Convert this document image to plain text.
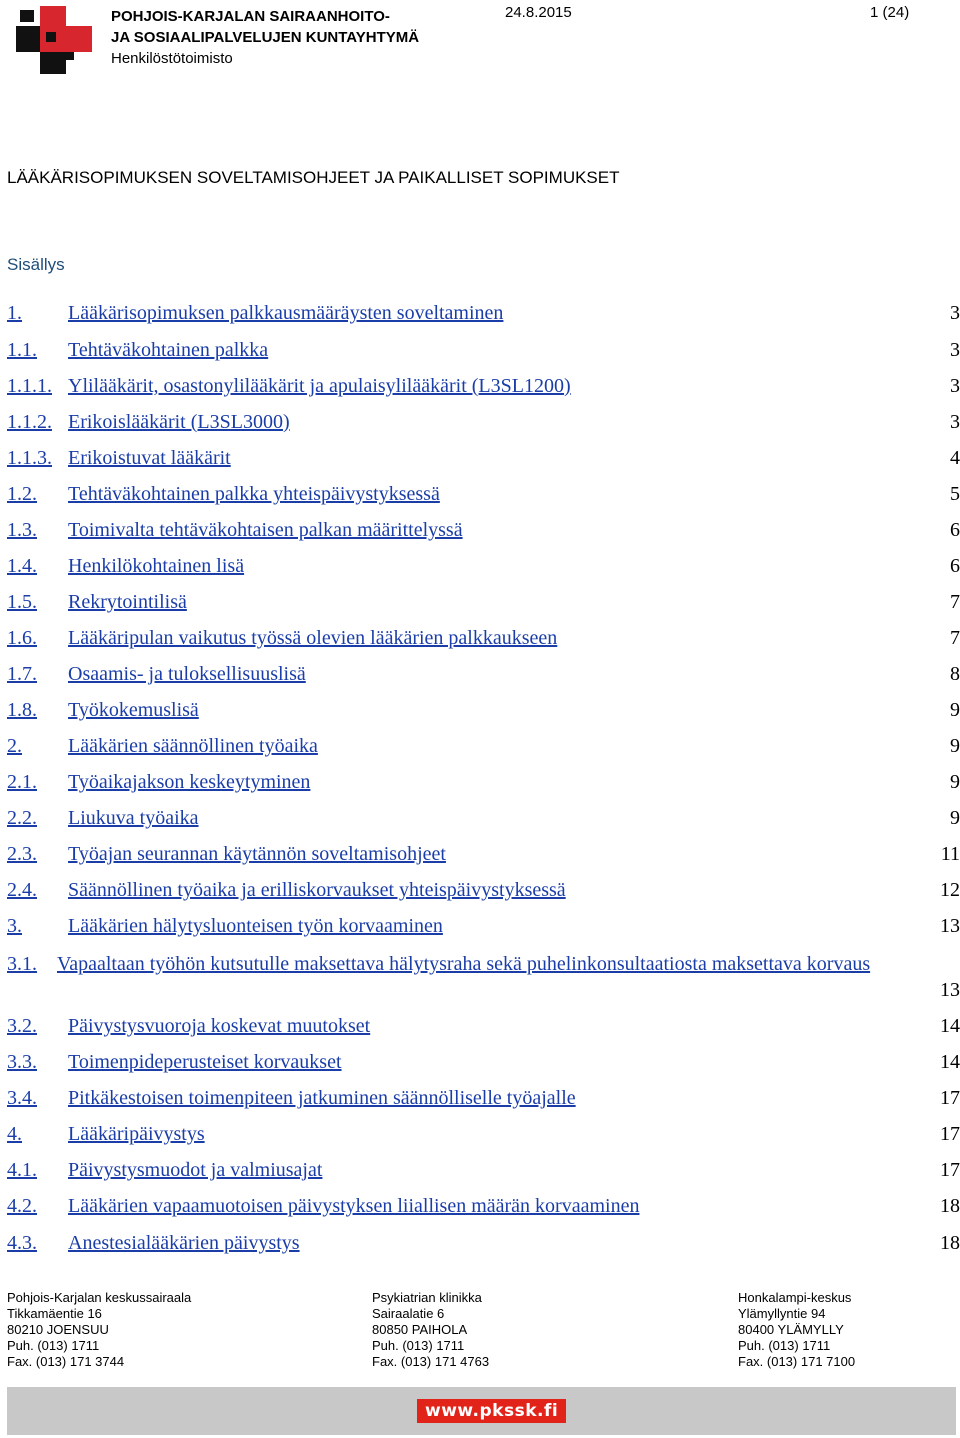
POHJOIS-KARJALAN SAIRAANHOITO-
JA SOSIAALIPALVELUJEN KUNTAYHTYMÄ
Henkilöstötoimisto
24.8.2015	1 (24)
LÄÄKÄRISOPIMUKSEN SOVELTAMISOHJEET JA PAIKALLISET SOPIMUKSET
Sisällys
1. Lääkärisopimuksen palkkausmääräysten soveltaminen	3
1.1. Tehtäväkohtainen palkka	3
1.1.1. Ylilääkärit, osastonylilääkärit ja apulaisylilääkärit (L3SL1200)	3
1.1.2. Erikoislääkärit (L3SL3000)	3
1.1.3. Erikoistuvat lääkärit	4
1.2. Tehtäväkohtainen palkka yhteispäivystyksessä	5
1.3. Toimivalta tehtäväkohtaisen palkan määrittelyssä	6
1.4. Henkilökohtainen lisä	6
1.5. Rekrytointilisä	7
1.6. Lääkäripulan vaikutus työssä olevien lääkärien palkkaukseen	7
1.7. Osaamis- ja tuloksellisuuslisä	8
1.8. Työkokemuslisä	9
2. Lääkärien säännöllinen työaika	9
2.1. Työaikajakson keskeytyminen	9
2.2. Liukuva työaika	9
2.3. Työajan seurannan käytännön soveltamisohjeet	11
2.4. Säännöllinen työaika ja erilliskorvaukset yhteispäivystyksessä	12
3. Lääkärien hälytysluonteisen työn korvaaminen	13
3.1. Vapaaltaan työhön kutsutulle maksettava hälytysraha sekä puhelinkonsultaatiosta maksettava korvaus
13
3.2. Päivystysvuoroja koskevat muutokset	14
3.3. Toimenpideperusteiset korvaukset	14
3.4. Pitkäkestoisen toimenpiteen jatkuminen säännölliselle työajalle	17
4. Lääkäripäivystys	17
4.1. Päivystysmuodot ja valmiusajat	17
4.2. Lääkärien vapaamuotoisen päivystyksen liiallisen määrän korvaaminen	18
4.3. Anestesialääkärien päivystys	18
Pohjois-Karjalan keskussairaala
Tikkamäentie 16
80210 JOENSUU
Puh. (013) 1711
Fax. (013) 171 3744
Psykiatrian klinikka
Sairaalatie 6
80850 PAIHOLA
Puh. (013) 1711
Fax. (013) 171 4763
Honkalampi-keskus
Ylämyllyntie 94
80400 YLÄMYLLY
Puh. (013) 1711
Fax. (013) 171 7100
www.pkssk.fi
